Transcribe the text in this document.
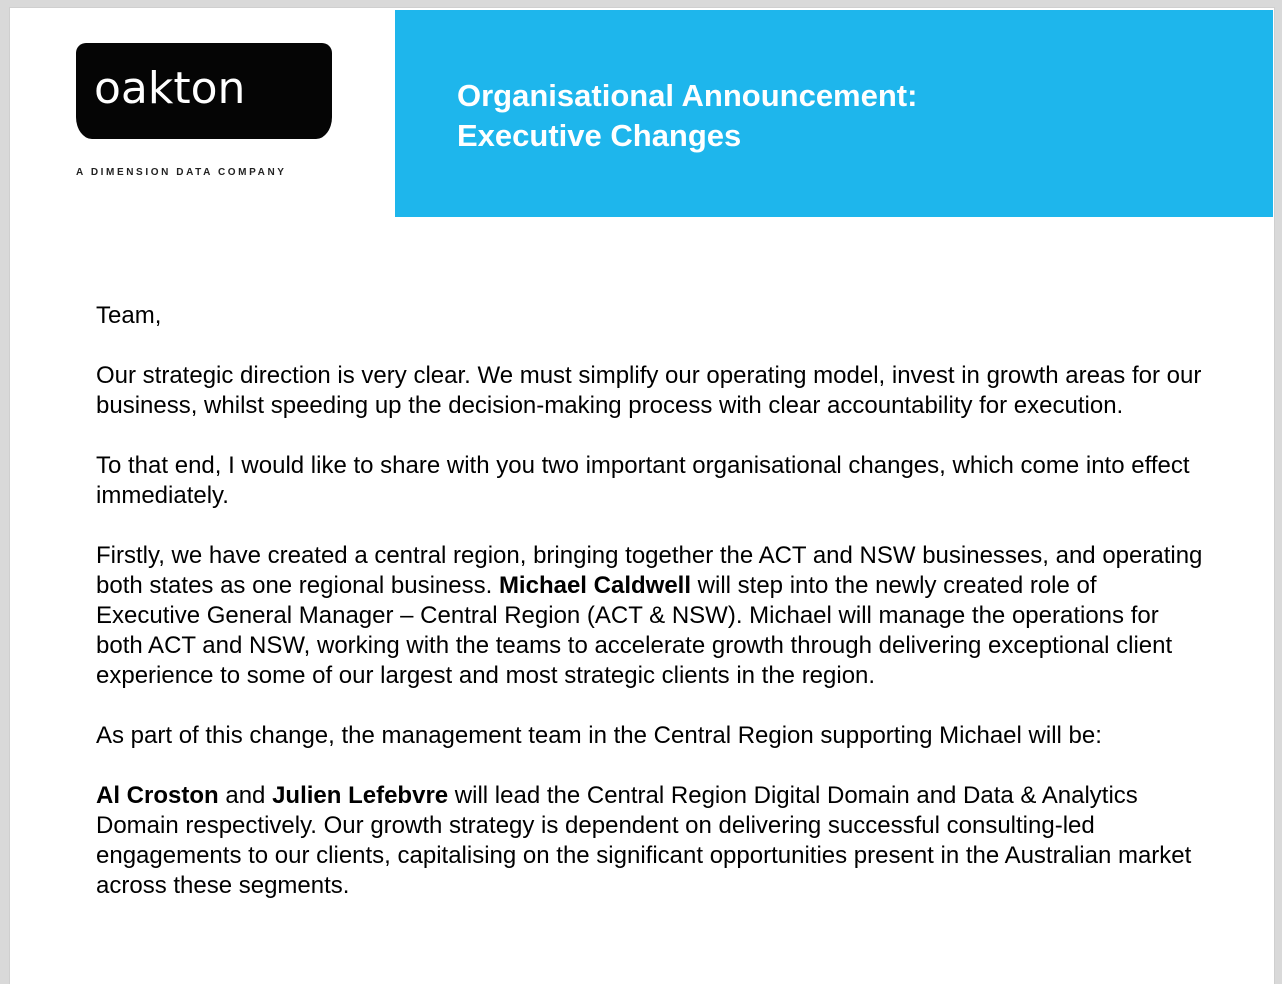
oakton
A DIMENSION DATA COMPANY
Organisational Announcement:
Executive Changes

Team,

Our strategic direction is very clear. We must simplify our operating model, invest in growth areas for our business, whilst speeding up the decision-making process with clear accountability for execution.

To that end, I would like to share with you two important organisational changes, which come into effect immediately.

Firstly, we have created a central region, bringing together the ACT and NSW businesses, and operating both states as one regional business. Michael Caldwell will step into the newly created role of Executive General Manager – Central Region (ACT & NSW). Michael will manage the operations for both ACT and NSW, working with the teams to accelerate growth through delivering exceptional client experience to some of our largest and most strategic clients in the region.

As part of this change, the management team in the Central Region supporting Michael will be:

Al Croston and Julien Lefebvre will lead the Central Region Digital Domain and Data & Analytics Domain respectively. Our growth strategy is dependent on delivering successful consulting-led engagements to our clients, capitalising on the significant opportunities present in the Australian market across these segments.
